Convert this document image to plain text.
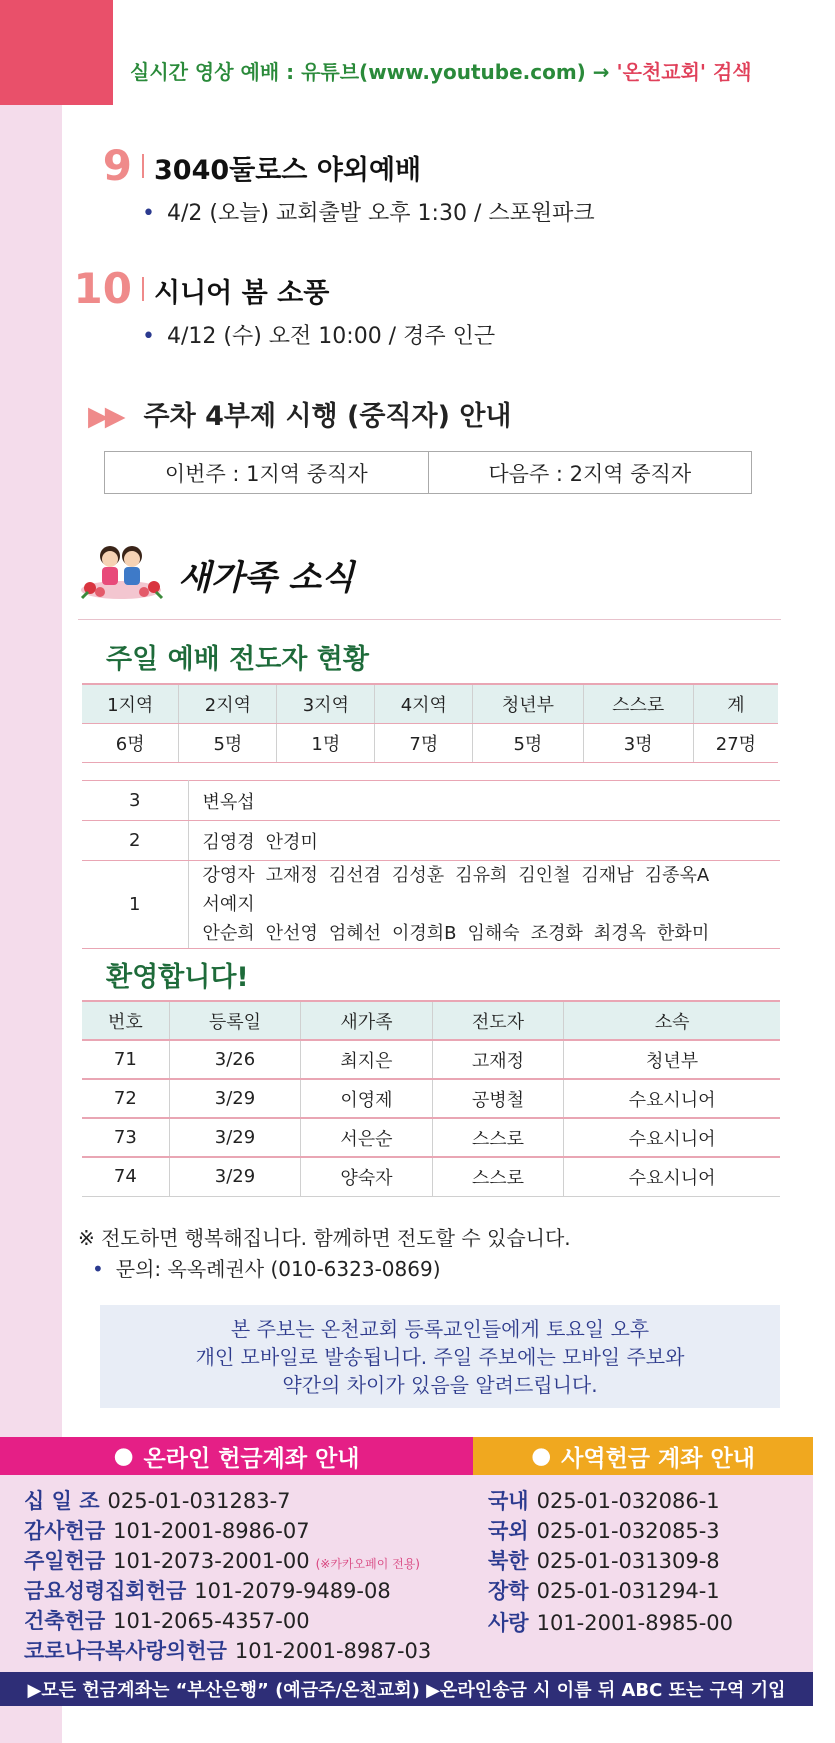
실시간 영상 예배 : 유튜브(www.youtube.com) → '온천교회' 검색
9 3040둘로스 야외예배
• 4/2 (오늘) 교회출발 오후 1:30 / 스포원파크
10 시니어 봄 소풍
• 4/12 (수) 오전 10:00 / 경주 인근
▶▶ 주차 4부제 시행 (중직자) 안내
이번주 : 1지역 중직자	다음주 : 2지역 중직자
새가족 소식
주일 예배 전도자 현황
1지역	2지역	3지역	4지역	청년부	스스로	계
6명	5명	1명	7명	5명	3명	27명
3	변옥섭
2	김영경 안경미
1	강영자 고재정 김선겸 김성훈 김유희 김인철 김재남 김종옥A서예지
안순희 안선영 엄혜선 이경희B 임해숙 조경화 최경옥 한화미
환영합니다!
번호	등록일	새가족	전도자	소속
71	3/26	최지은	고재정	청년부
72	3/29	이영제	공병철	수요시니어
73	3/29	서은순	스스로	수요시니어
74	3/29	양숙자	스스로	수요시니어
※ 전도하면 행복해집니다. 함께하면 전도할 수 있습니다.
• 문의: 옥옥례권사 (010-6323-0869)

본 주보는 온천교회 등록교인들에게 토요일 오후
개인 모바일로 발송됩니다. 주일 주보에는 모바일 주보와
약간의 차이가 있음을 알려드립니다.

● 온라인 헌금계좌 안내	● 사역헌금 계좌 안내
십 일 조 025-01-031283-7
감사헌금 101-2001-8986-07
주일헌금 101-2073-2001-00 (※카카오페이 전용)
금요성령집회헌금 101-2079-9489-08
건축헌금 101-2065-4357-00
코로나극복사랑의헌금 101-2001-8987-03
국내 025-01-032086-1
국외 025-01-032085-3
북한 025-01-031309-8
장학 025-01-031294-1
사랑 101-2001-8985-00
▶모든 헌금계좌는 “부산은행” (예금주/온천교회) ▶온라인송금 시 이름 뒤 ABC 또는 구역 기입
